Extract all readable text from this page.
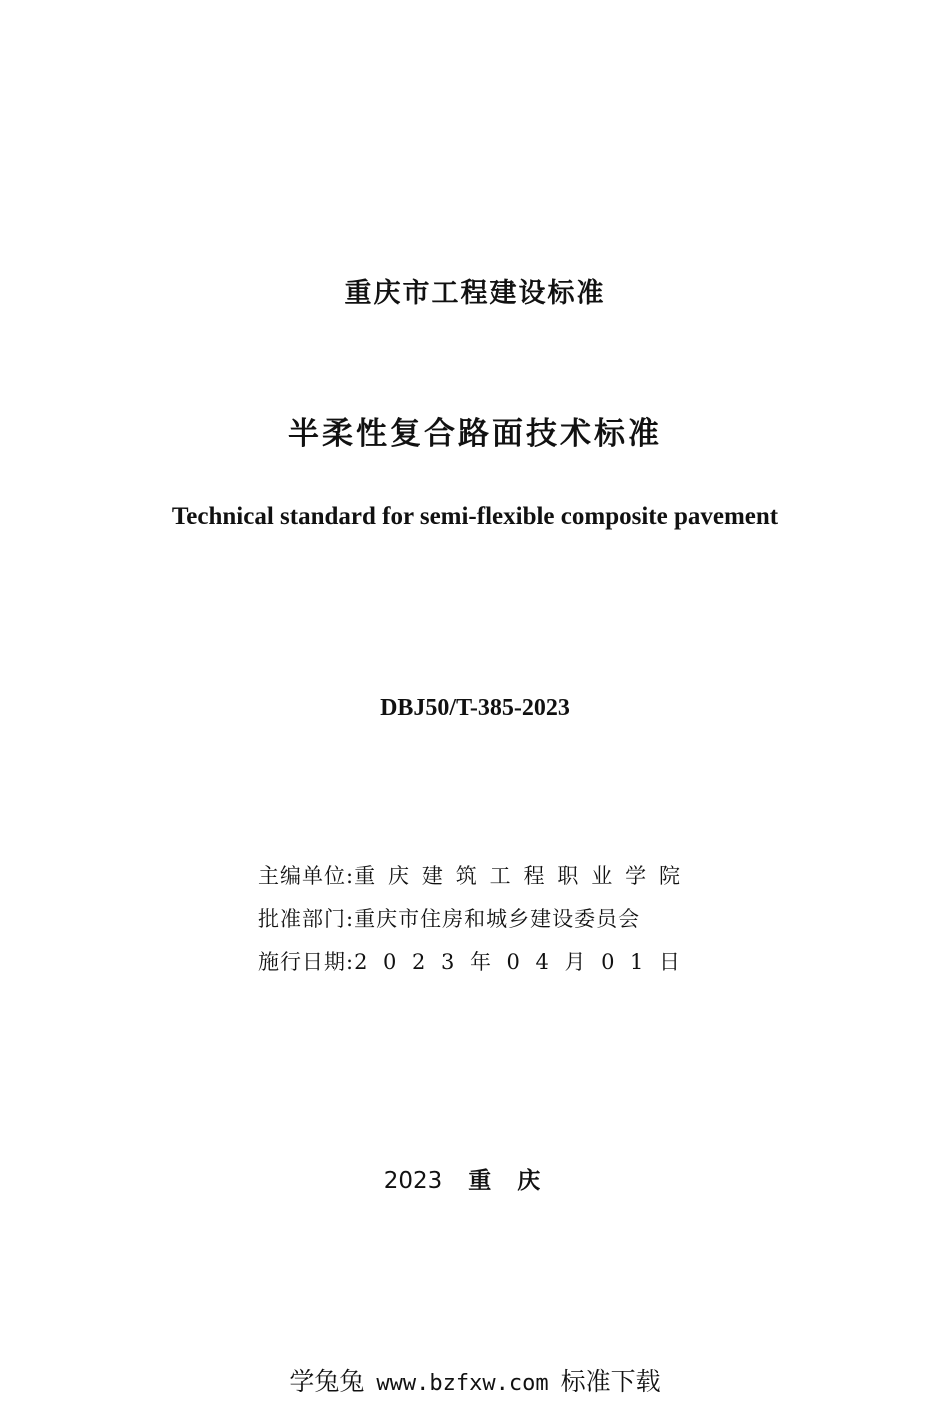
重庆市工程建设标准
半柔性复合路面技术标准
Technical standard for semi-flexible composite pavement
DBJ50/T-385-2023
主编单位: 重 庆 建 筑 工 程 职 业 学 院
批准部门: 重庆市住房和城乡建设委员会
施行日期: 2 0 2 3 年 0 4 月 0 1 日
2023 重庆
学兔兔 www.bzfxw.com 标准下载
